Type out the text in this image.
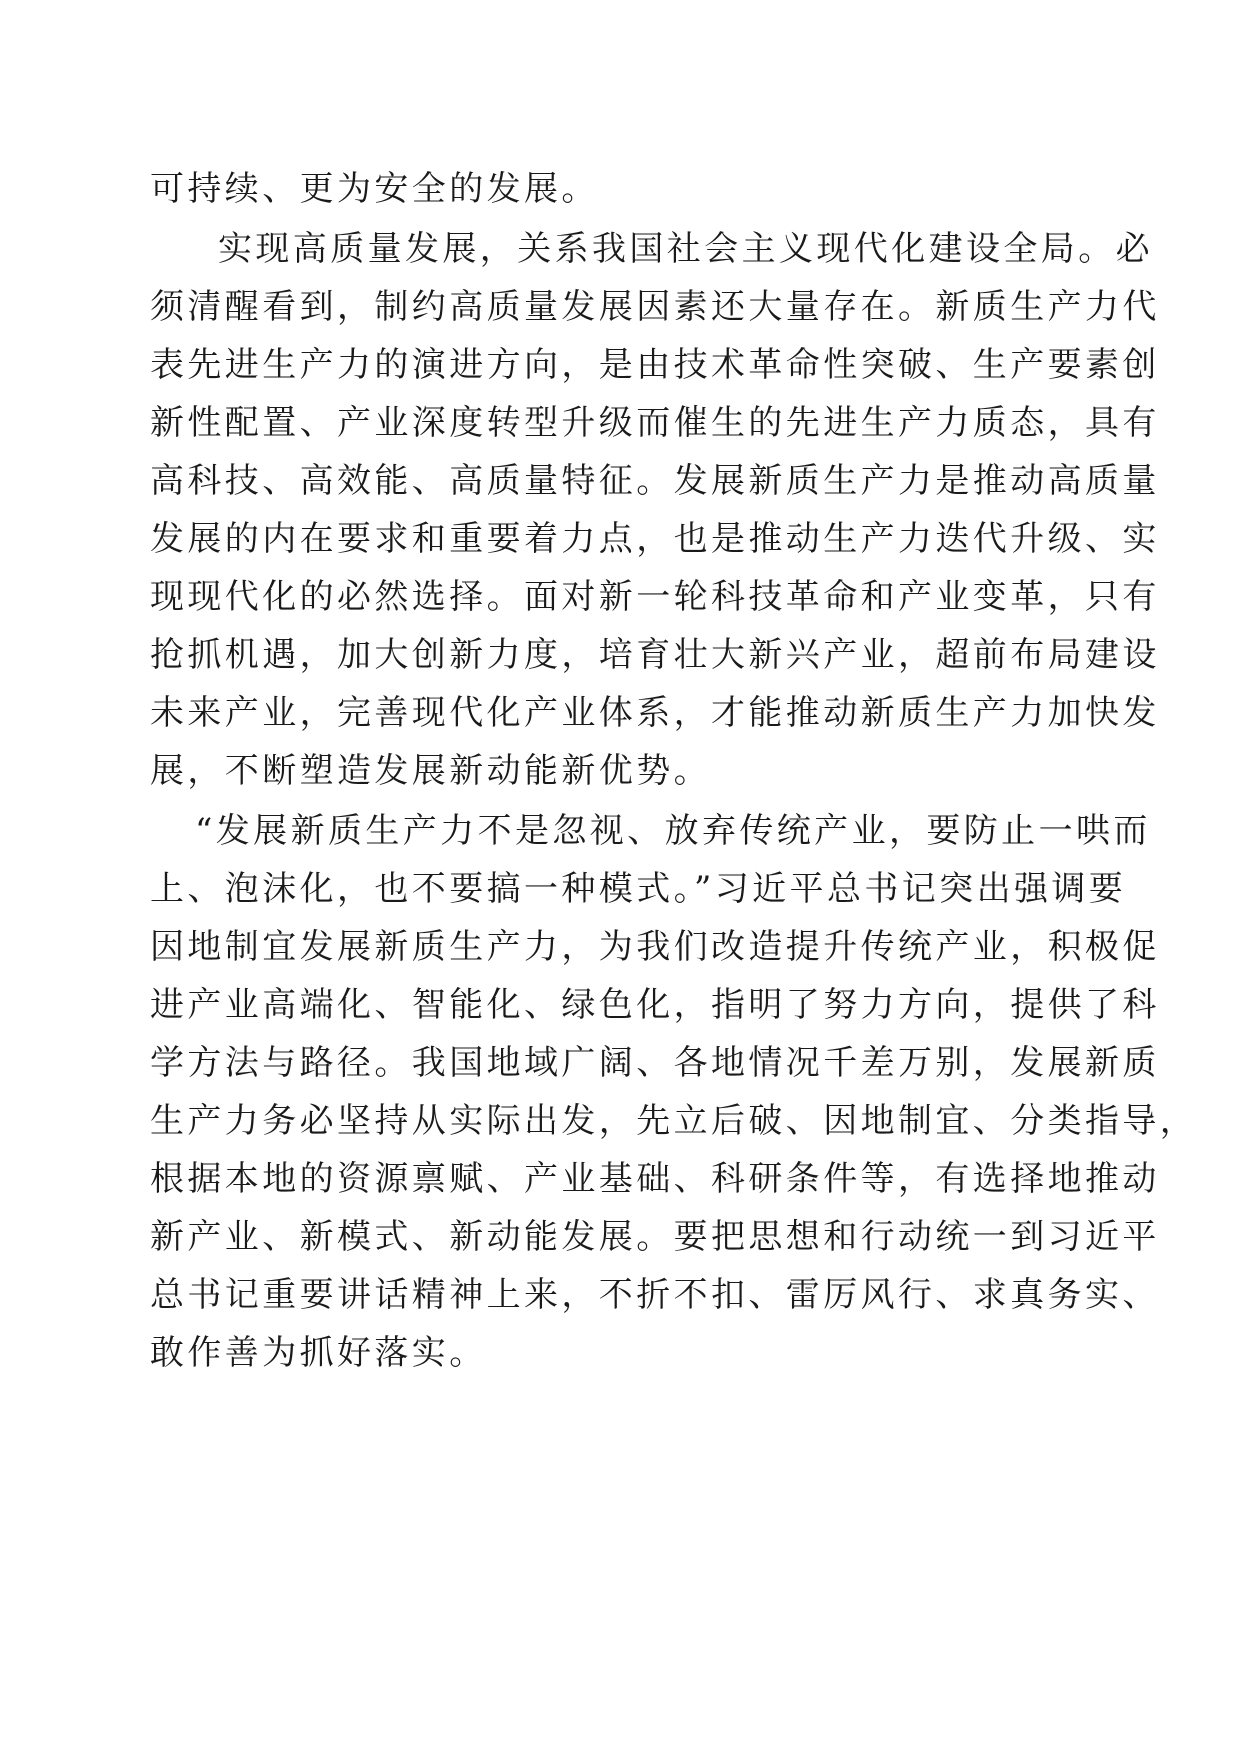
可持续、更为安全的发展。
实现高质量发展，关系我国社会主义现代化建设全局。必
须清醒看到，制约高质量发展因素还大量存在。新质生产力代
表先进生产力的演进方向，是由技术革命性突破、生产要素创
新性配置、产业深度转型升级而催生的先进生产力质态，具有
高科技、高效能、高质量特征。发展新质生产力是推动高质量
发展的内在要求和重要着力点，也是推动生产力迭代升级、实
现现代化的必然选择。面对新一轮科技革命和产业变革，只有
抢抓机遇，加大创新力度，培育壮大新兴产业，超前布局建设
未来产业，完善现代化产业体系，才能推动新质生产力加快发
展，不断塑造发展新动能新优势。
“发展新质生产力不是忽视、放弃传统产业，要防止一哄而
上、泡沫化，也不要搞一种模式。”习近平总书记突出强调要
因地制宜发展新质生产力，为我们改造提升传统产业，积极促
进产业高端化、智能化、绿色化，指明了努力方向，提供了科
学方法与路径。我国地域广阔、各地情况千差万别，发展新质
生产力务必坚持从实际出发，先立后破、因地制宜、分类指导，
根据本地的资源禀赋、产业基础、科研条件等，有选择地推动
新产业、新模式、新动能发展。要把思想和行动统一到习近平
总书记重要讲话精神上来，不折不扣、雷厉风行、求真务实、
敢作善为抓好落实。
